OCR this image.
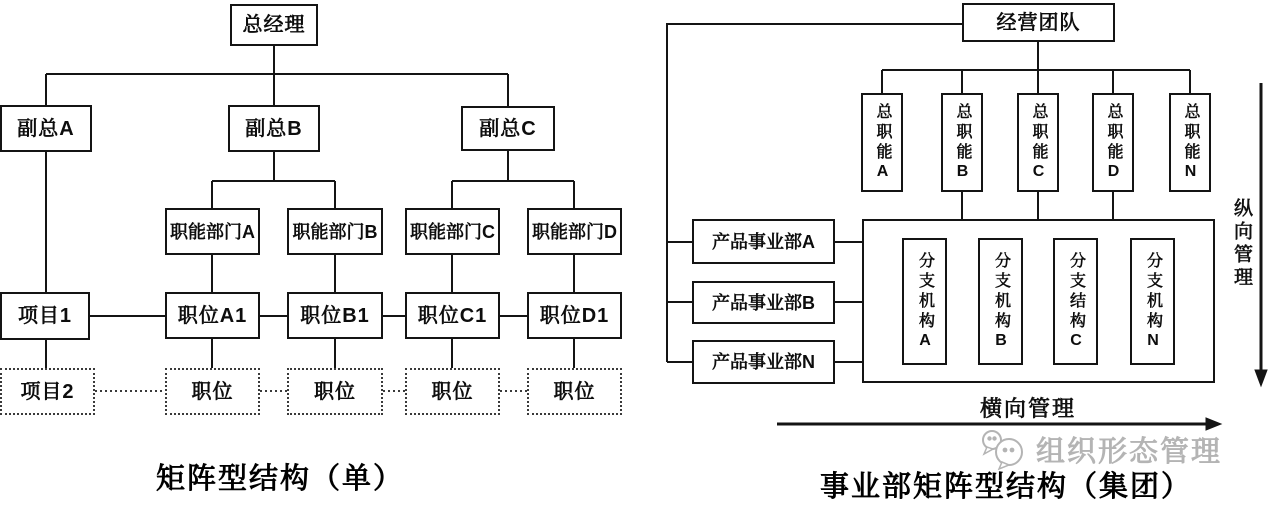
总经理
副总A	副总B	副总C
职能部门A	职能部门B	职能部门C 职能部门D
项目1	职位A1	职位B1	职位C1	职位D1
项目2	职位	职位	职位	职位
矩阵型结构（单）
经营团队
总职能A	总职能B	总职能C	总职能D	总职能N
产品事业部A
产品事业部B
产品事业部N
分支机构A	分支机构B	分支结构C	分支机构N
横向管理
纵向管理
事业部矩阵型结构（集团）
组织形态管理
